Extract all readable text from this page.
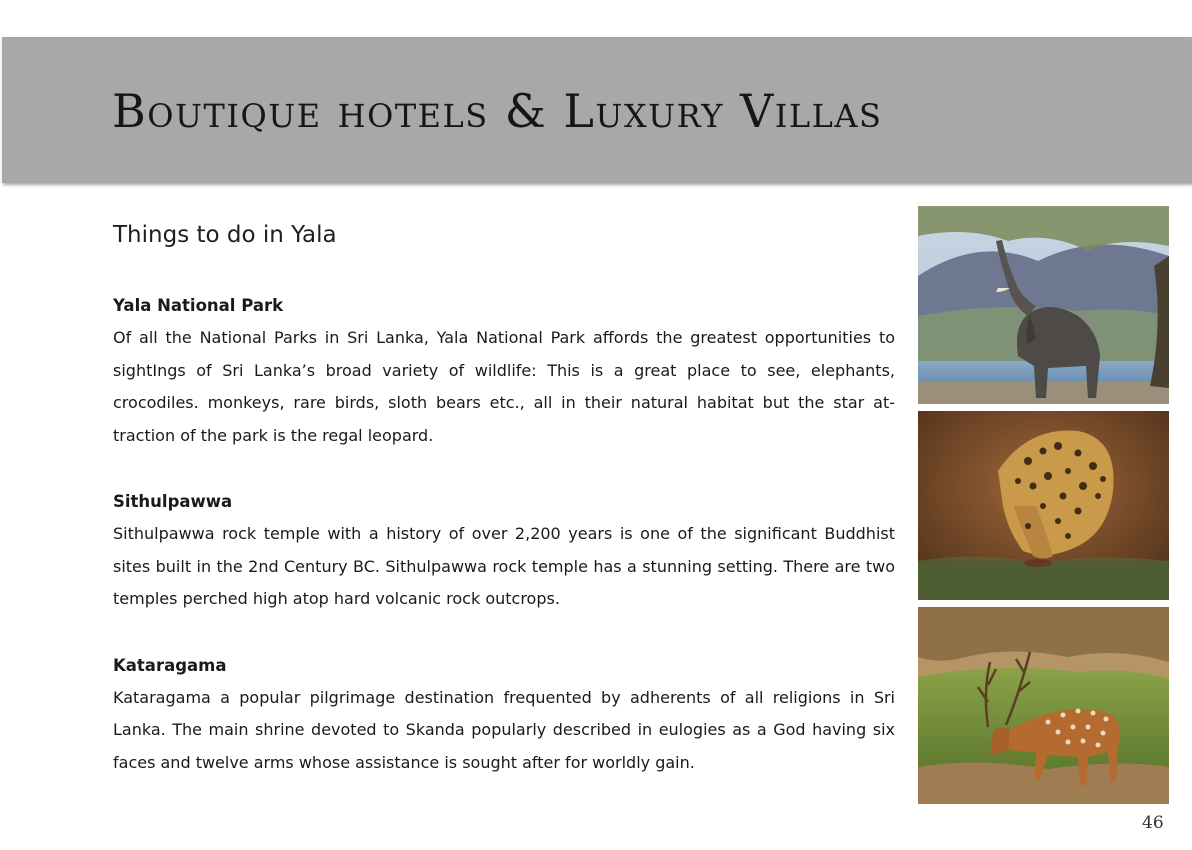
Boutique hotels & Luxury Villas
Things to do in Yala
Yala National Park

Of all the National Parks in Sri Lanka, Yala National Park affords the greatest opportunities to sightIngs of Sri Lanka’s broad variety of wildlife: This is a great place to see, elephants, crocodiles. monkeys, rare birds, sloth bears etc., all in their natural habitat but the star at-traction of the park is the regal leopard.

Sithulpawwa

Sithulpawwa rock temple with a history of over 2,200 years is one of the significant Buddhist sites built in the 2nd Century BC. Sithulpawwa rock temple has a stunning setting. There are two temples perched high atop hard volcanic rock outcrops.

Kataragama

Kataragama a popular pilgrimage destination frequented by adherents of all religions in Sri Lanka. The main shrine devoted to Skanda popularly described in eulogies as a God having six faces and twelve arms whose assistance is sought after for worldly gain.

46
